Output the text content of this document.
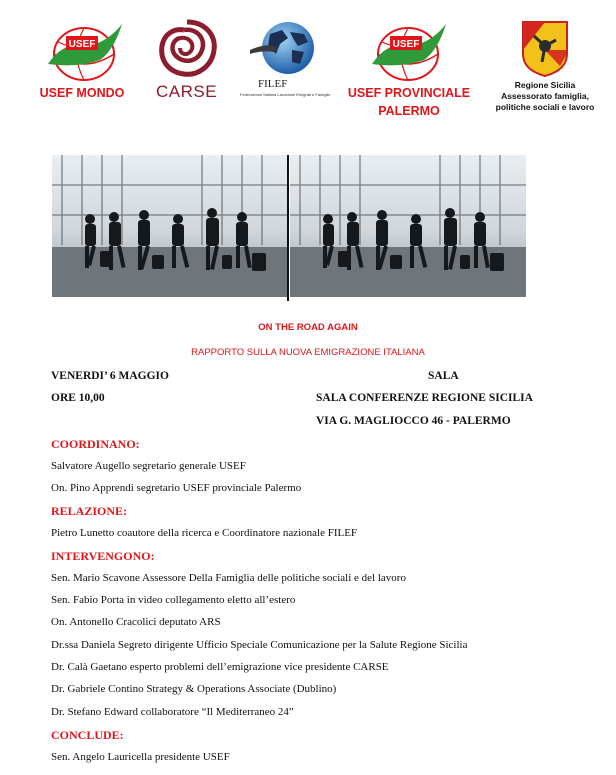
USEF
USEF MONDO	CARSE	FILEF
Federazione Italiana Lavoratori Emigrati e Famiglie
USEF
USEF PROVINCIALE
PALERMO
Regione Sicilia
Assessorato famiglia,
politiche sociali e lavoro
ON THE ROAD AGAIN
RAPPORTO SULLA NUOVA EMIGRAZIONE ITALIANA
VENERDI’ 6 MAGGIO	SALA
ORE 10,00	SALA CONFERENZE REGIONE SICILIA
VIA G. MAGLIOCCO 46 - PALERMO
COORDINANO:
Salvatore Augello segretario generale USEF
On. Pino Apprendi segretario USEF provinciale Palermo
RELAZIONE:
Pietro Lunetto coautore della ricerca e Coordinatore nazionale FILEF
INTERVENGONO:
Sen. Mario Scavone Assessore Della Famiglia delle politiche sociali e del lavoro
Sen. Fabio Porta in video collegamento eletto all’estero
On. Antonello Cracolici deputato ARS
Dr.ssa Daniela Segreto dirigente Ufficio Speciale Comunicazione per la Salute Regione Sicilia
Dr. Calà Gaetano esperto problemi dell’emigrazione vice presidente CARSE
Dr. Gabriele Contino Strategy & Operations Associate (Dublino)
Dr. Stefano Edward collaboratore “Il Mediterraneo 24”
CONCLUDE:
Sen. Angelo Lauricella presidente USEF
